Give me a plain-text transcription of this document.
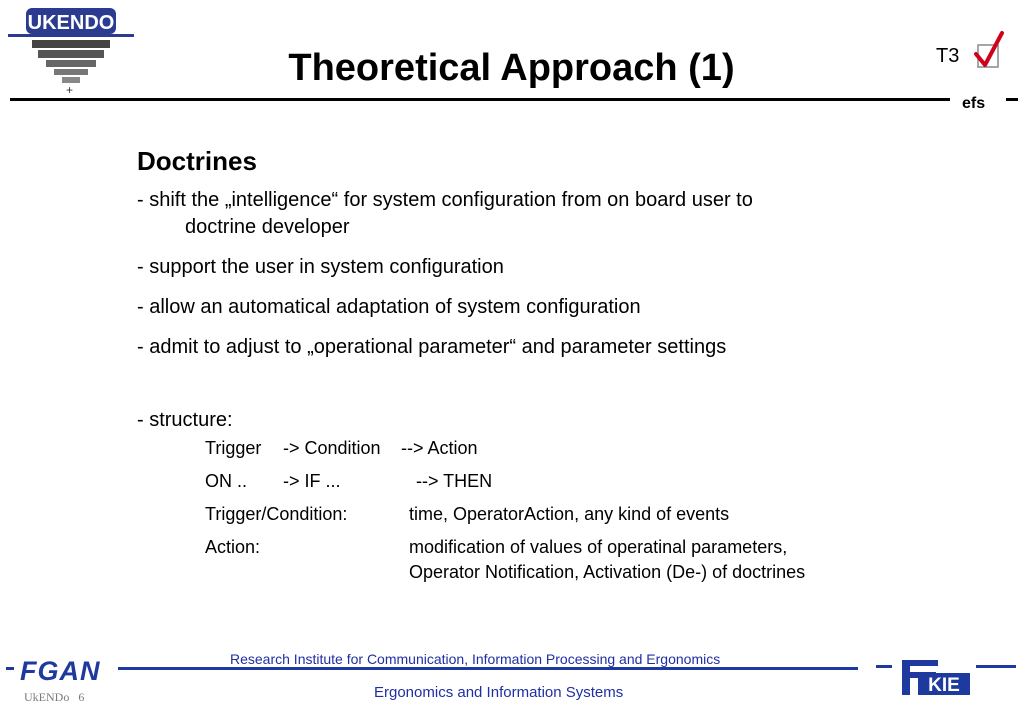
UKENDO
+
Theoretical Approach (1)	T3
efs
Doctrines
- shift the „intelligence“ for system configuration from on board user to
doctrine developer
- support the user in system configuration
- allow an automatical adaptation of system configuration
- admit to adjust to „operational parameter“ and parameter settings
- structure:
Trigger -> Condition --> Action
ON .. -> IF ...	--> THEN
Trigger/Condition:	time, OperatorAction, any kind of events
Action:	modification of values of operatinal parameters,
Operator Notification, Activation (De-) of doctrines
FGAN	Research Institute for Communication, Information Processing and Ergonomics
Ergonomics and Information Systems
UkENDo 6
KIE
